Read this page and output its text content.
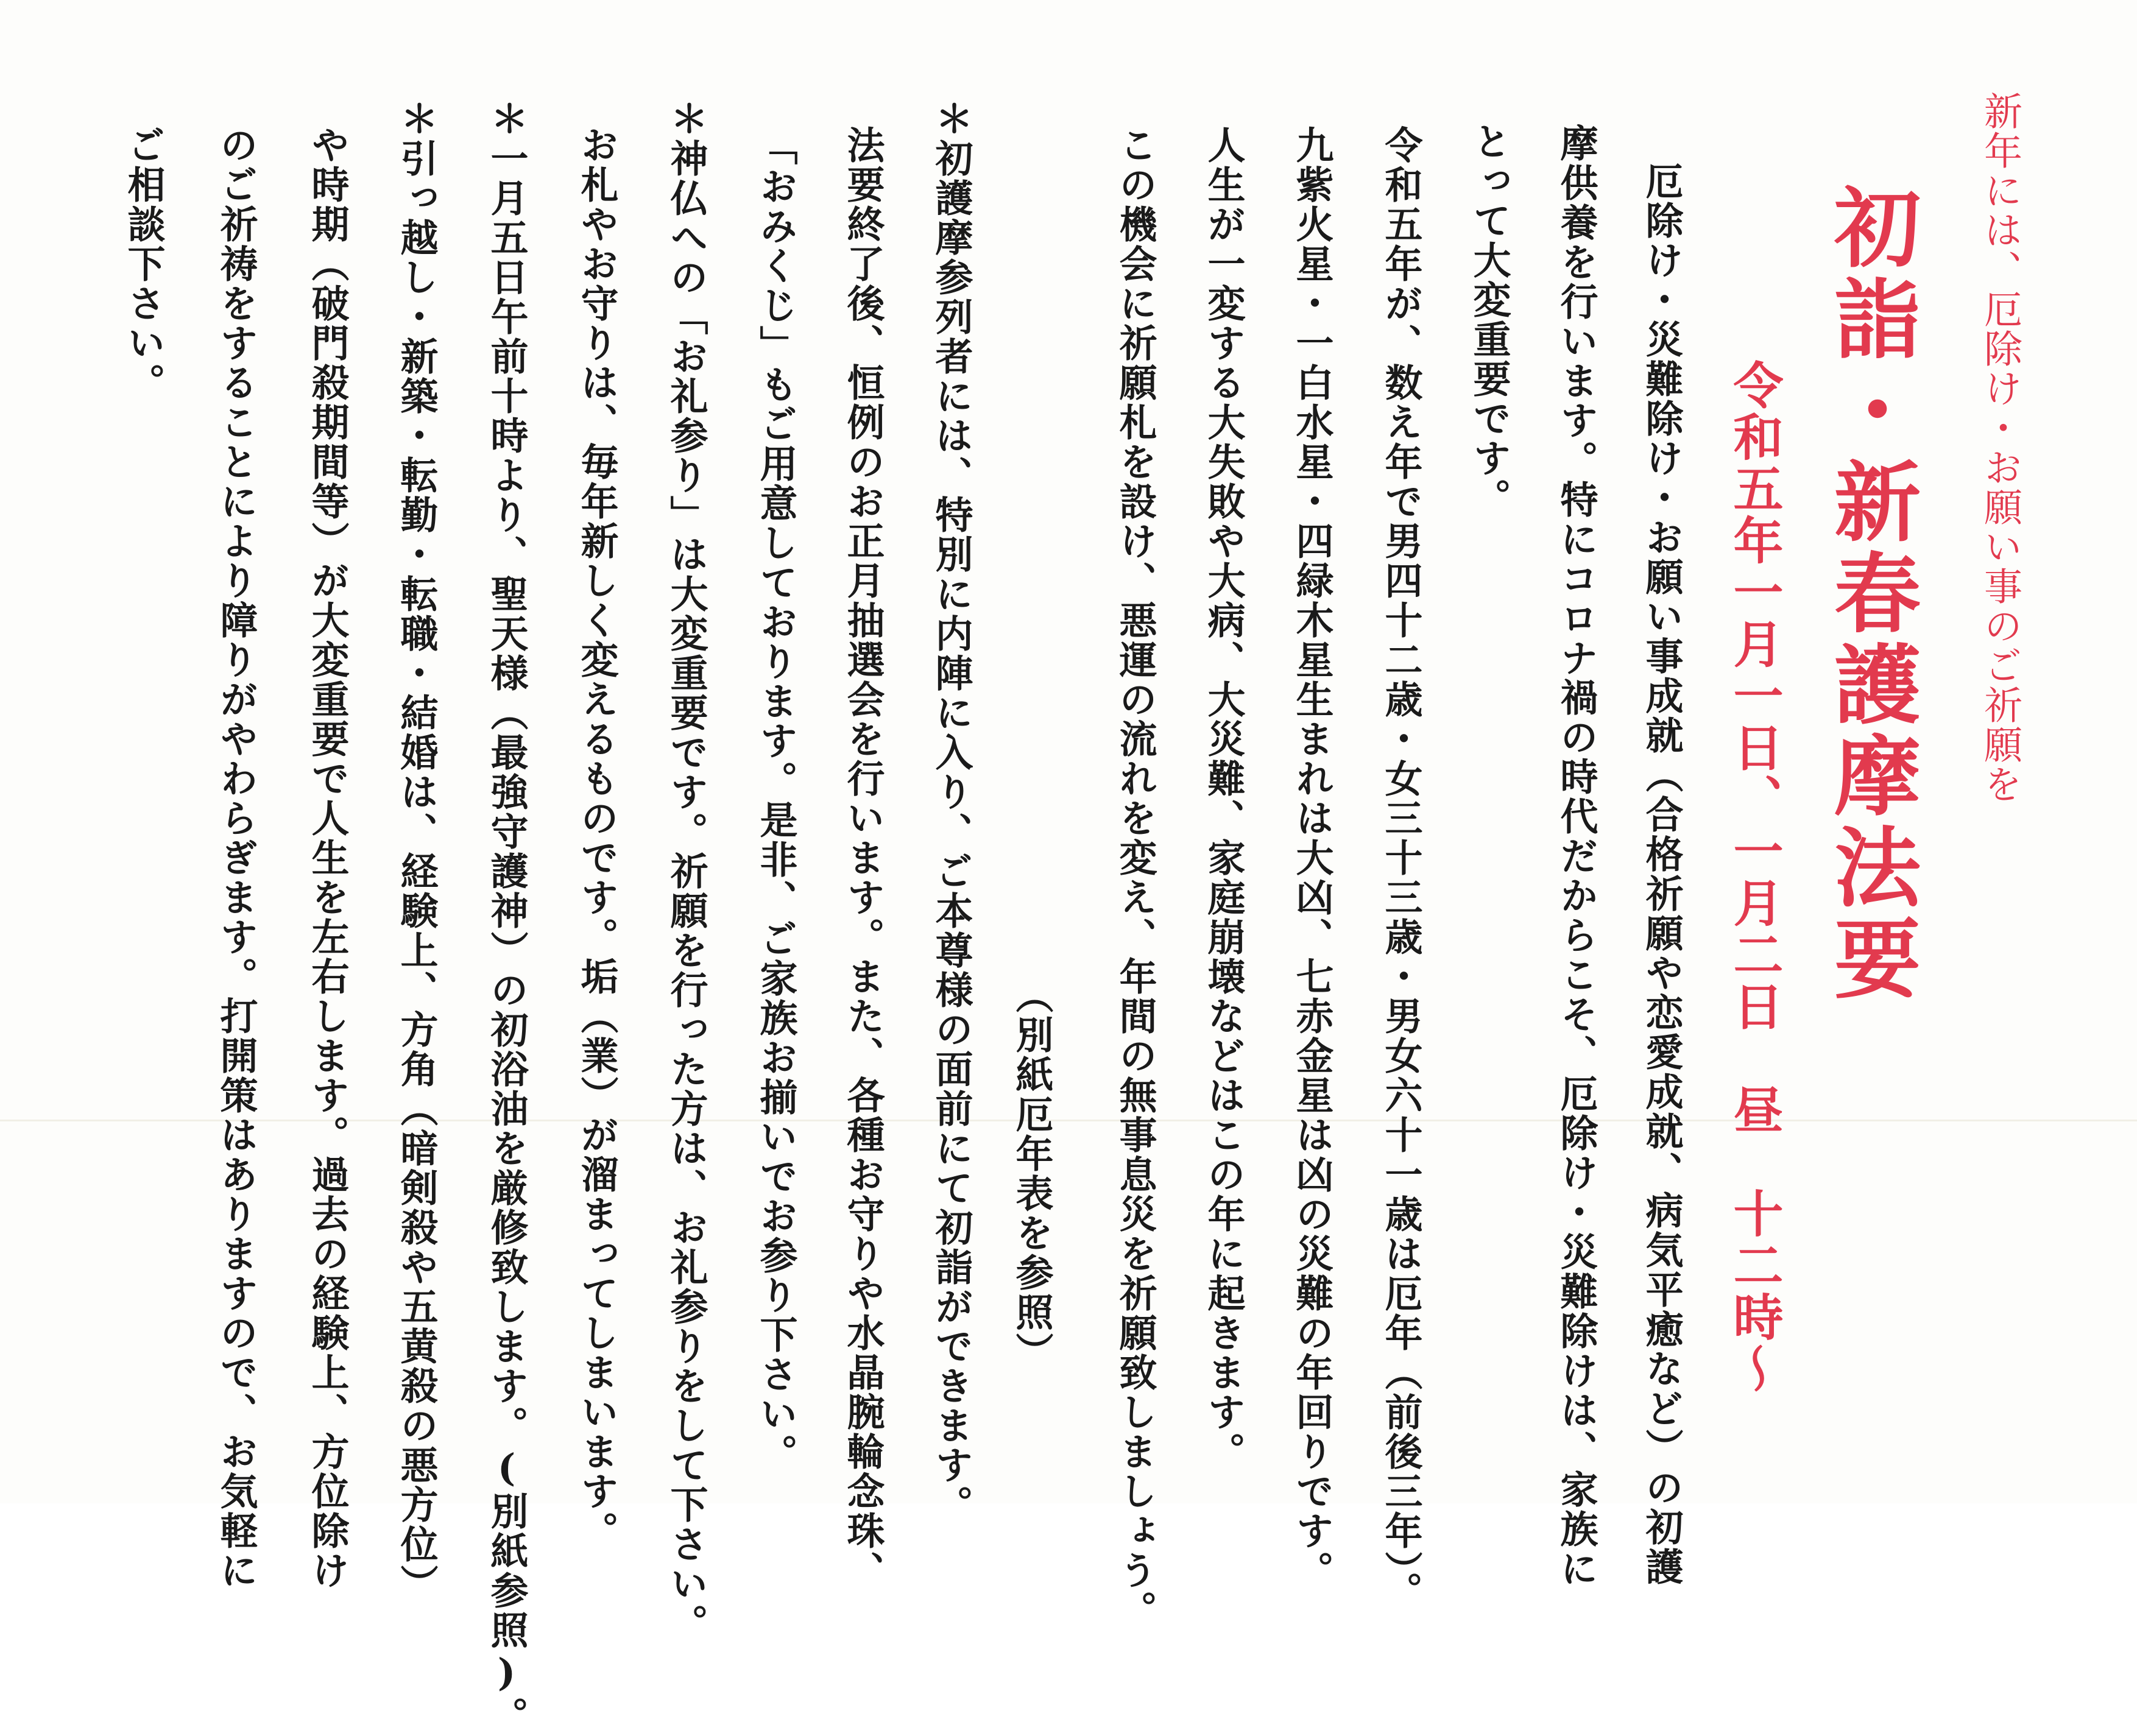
新年には、厄除け･お願い事のご祈願を
初詣・新春護摩法要
令和五年一月一日、一月二日　昼　十二時～
厄除け・災難除け・お願い事成就（合格祈願や恋愛成就、病気平癒など）の初護
摩供養を行います。特にコロナ禍の時代だからこそ、厄除け・災難除けは、家族に
とって大変重要です。
令和五年が、数え年で男四十二歳・女三十三歳・男女六十一歳は厄年（前後三年）。
九紫火星・一白水星・四緑木星生まれは大凶、七赤金星は凶の災難の年回りです。
人生が一変する大失敗や大病、大災難、家庭崩壊などはこの年に起きます。
この機会に祈願札を設け、悪運の流れを変え、年間の無事息災を祈願致しましょう。
（別紙厄年表を参照）
＊初護摩参列者には、特別に内陣に入り、ご本尊様の面前にて初詣ができます。
法要終了後、恒例のお正月抽選会を行います。また、各種お守りや水晶腕輪念珠、
「おみくじ」もご用意しております。是非、ご家族お揃いでお参り下さい。
＊神仏への「お礼参り」は大変重要です。祈願を行った方は、お礼参りをして下さい。
お札やお守りは、毎年新しく変えるものです。垢（業）が溜まってしまいます。
＊一月五日午前十時より、聖天様（最強守護神）の初浴油を厳修致します。(別紙参照)。
＊引っ越し・新築・転勤・転職・結婚は、経験上、方角（暗剣殺や五黄殺の悪方位）
や時期（破門殺期間等）が大変重要で人生を左右します。過去の経験上、方位除け
のご祈祷をすることにより障りがやわらぎます。打開策はありますので、お気軽に
ご相談下さい。
